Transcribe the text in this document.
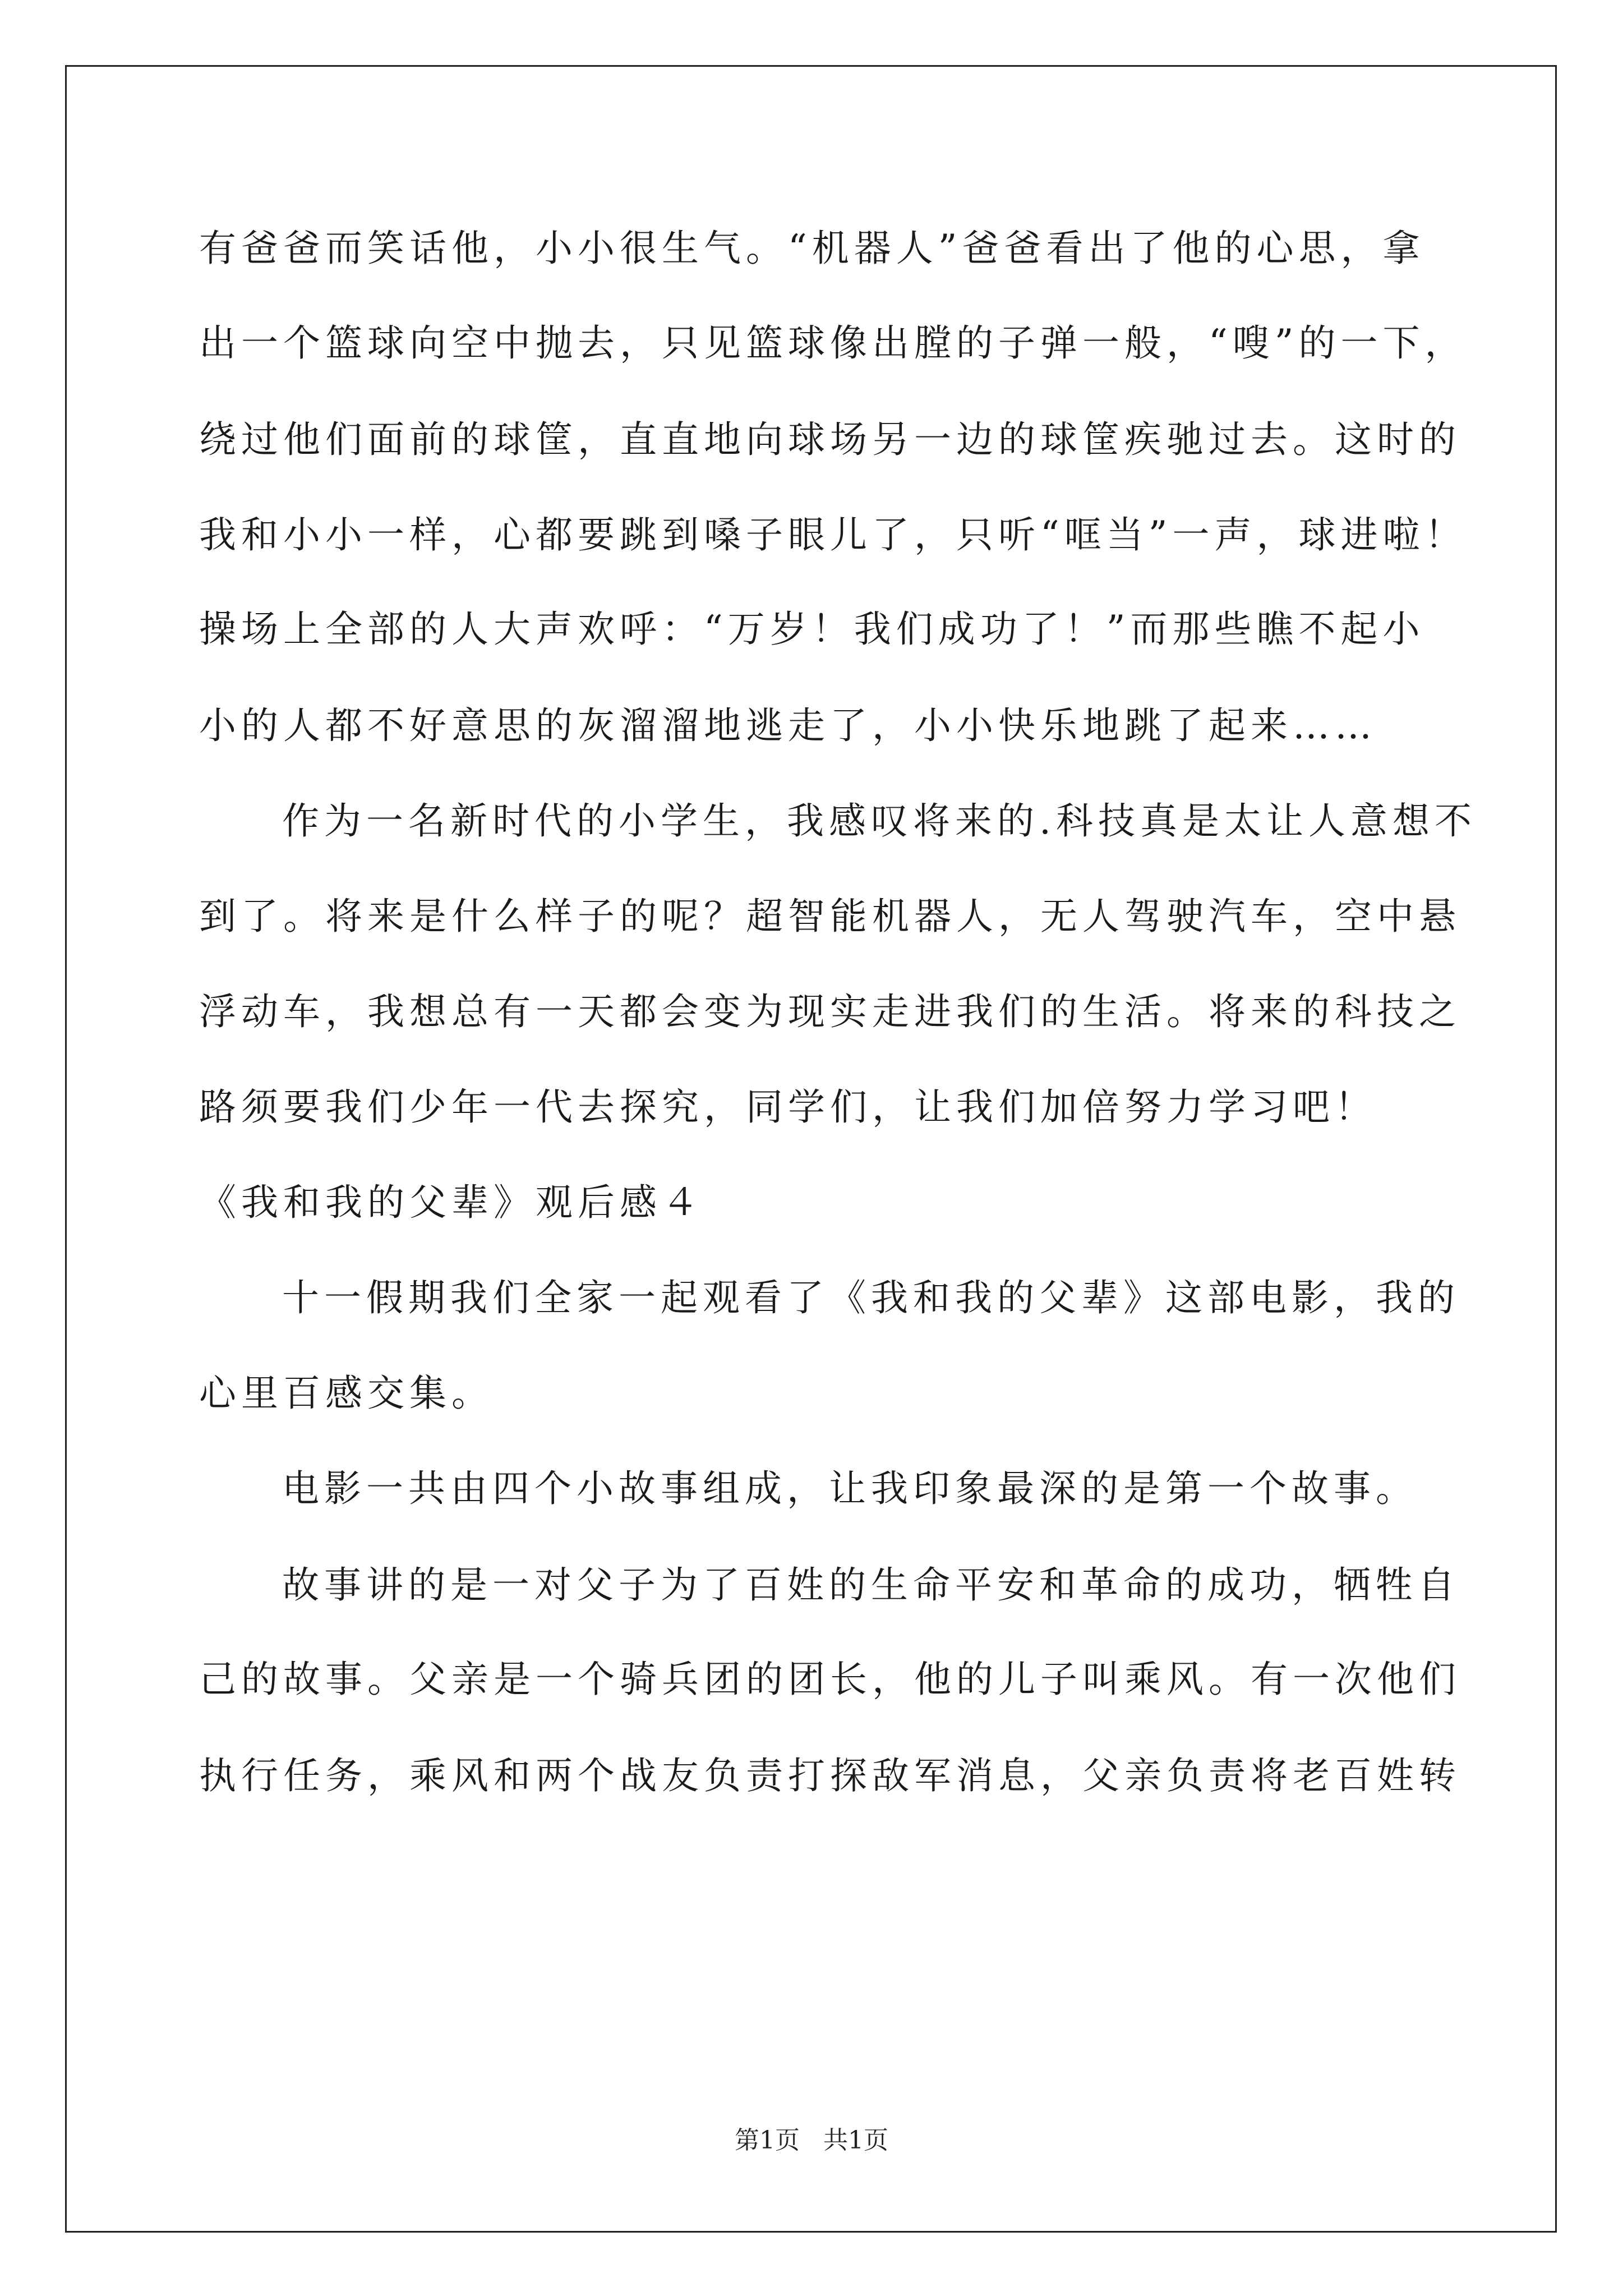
有爸爸而笑话他，小小很生气。“机器人”爸爸看出了他的心思，拿
出一个篮球向空中抛去，只见篮球像出膛的子弹一般，“嗖”的一下，
绕过他们面前的球筐，直直地向球场另一边的球筐疾驰过去。这时的
我和小小一样，心都要跳到嗓子眼儿了，只听“哐当”一声，球进啦！
操场上全部的人大声欢呼：“万岁！我们成功了！”而那些瞧不起小
小的人都不好意思的灰溜溜地逃走了，小小快乐地跳了起来……
作为一名新时代的小学生，我感叹将来的.科技真是太让人意想不
到了。将来是什么样子的呢？超智能机器人，无人驾驶汽车，空中悬
浮动车，我想总有一天都会变为现实走进我们的生活。将来的科技之
路须要我们少年一代去探究，同学们，让我们加倍努力学习吧！
《我和我的父辈》观后感４
十一假期我们全家一起观看了《我和我的父辈》这部电影，我的
心里百感交集。
电影一共由四个小故事组成，让我印象最深的是第一个故事。
故事讲的是一对父子为了百姓的生命平安和革命的成功，牺牲自
己的故事。父亲是一个骑兵团的团长，他的儿子叫乘风。有一次他们
执行任务，乘风和两个战友负责打探敌军消息，父亲负责将老百姓转
第1页 共1页
